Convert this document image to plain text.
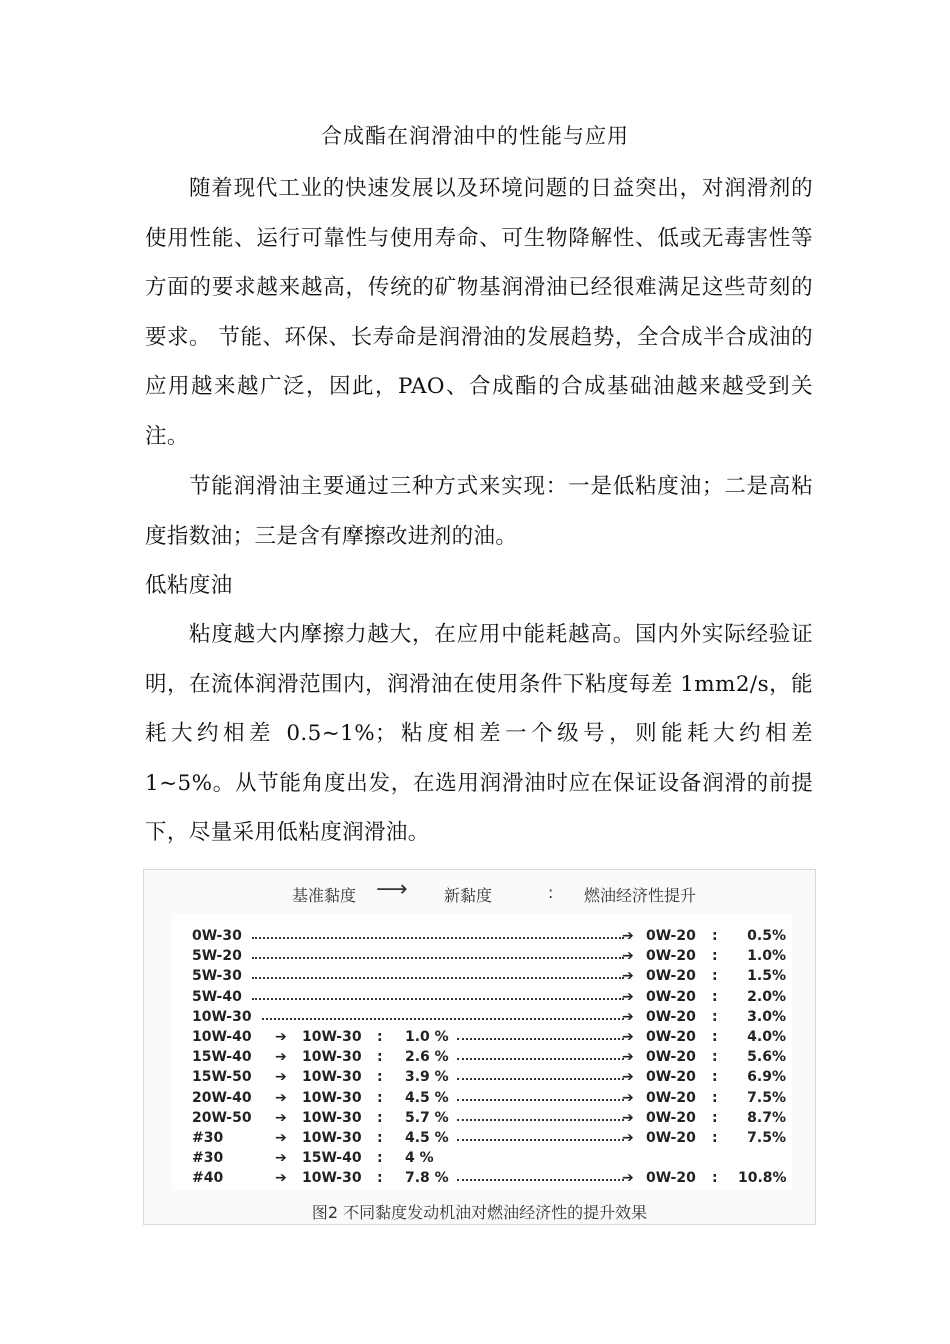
合成酯在润滑油中的性能与应用

随着现代工业的快速发展以及环境问题的日益突出，对润滑剂的使用性能、运行可靠性与使用寿命、可生物降解性、低或无毒害性等方面的要求越来越高，传统的矿物基润滑油已经很难满足这些苛刻的要求。 节能、环保、长寿命是润滑油的发展趋势，全合成半合成油的应用越来越广泛，因此，PAO、合成酯的合成基础油越来越受到关注。

节能润滑油主要通过三种方式来实现：一是低粘度油；二是高粘度指数油；三是含有摩擦改进剂的油。

低粘度油

粘度越大内摩擦力越大，在应用中能耗越高。国内外实际经验证明，在流体润滑范围内，润滑油在使用条件下粘度每差 1mm2/s，能耗大约相差 0.5~1%；粘度相差一个级号，则能耗大约相差 1~5%。从节能角度出发，在选用润滑油时应在保证设备润滑的前提下，尽量采用低粘度润滑油。

基准黏度 ⟶ 新黏度	: 燃油经济性提升
0W-30	➔ 0W-20 :	0.5%
5W-20	➔ 0W-20 :	1.0%
5W-30	➔ 0W-20 :	1.5%
5W-40	➔ 0W-20 :	2.0%
10W-30	➔ 0W-20 :	3.0%
10W-40 ➔ 10W-30 : 1.0 %	➔ 0W-20 :	4.0%
15W-40 ➔ 10W-30 : 2.6 %	➔ 0W-20 :	5.6%
15W-50 ➔ 10W-30 : 3.9 %	➔ 0W-20 :	6.9%
20W-40 ➔ 10W-30 : 4.5 %	➔ 0W-20 :	7.5%
20W-50 ➔ 10W-30 : 5.7 %	➔ 0W-20 :	8.7%
#30	➔ 10W-30 : 4.5 %	➔ 0W-20 :	7.5%
#30	➔ 15W-40 : 4 %
#40	➔ 10W-30 : 7.8 %	➔ 0W-20 : 10.8%
图2 不同黏度发动机油对燃油经济性的提升效果
